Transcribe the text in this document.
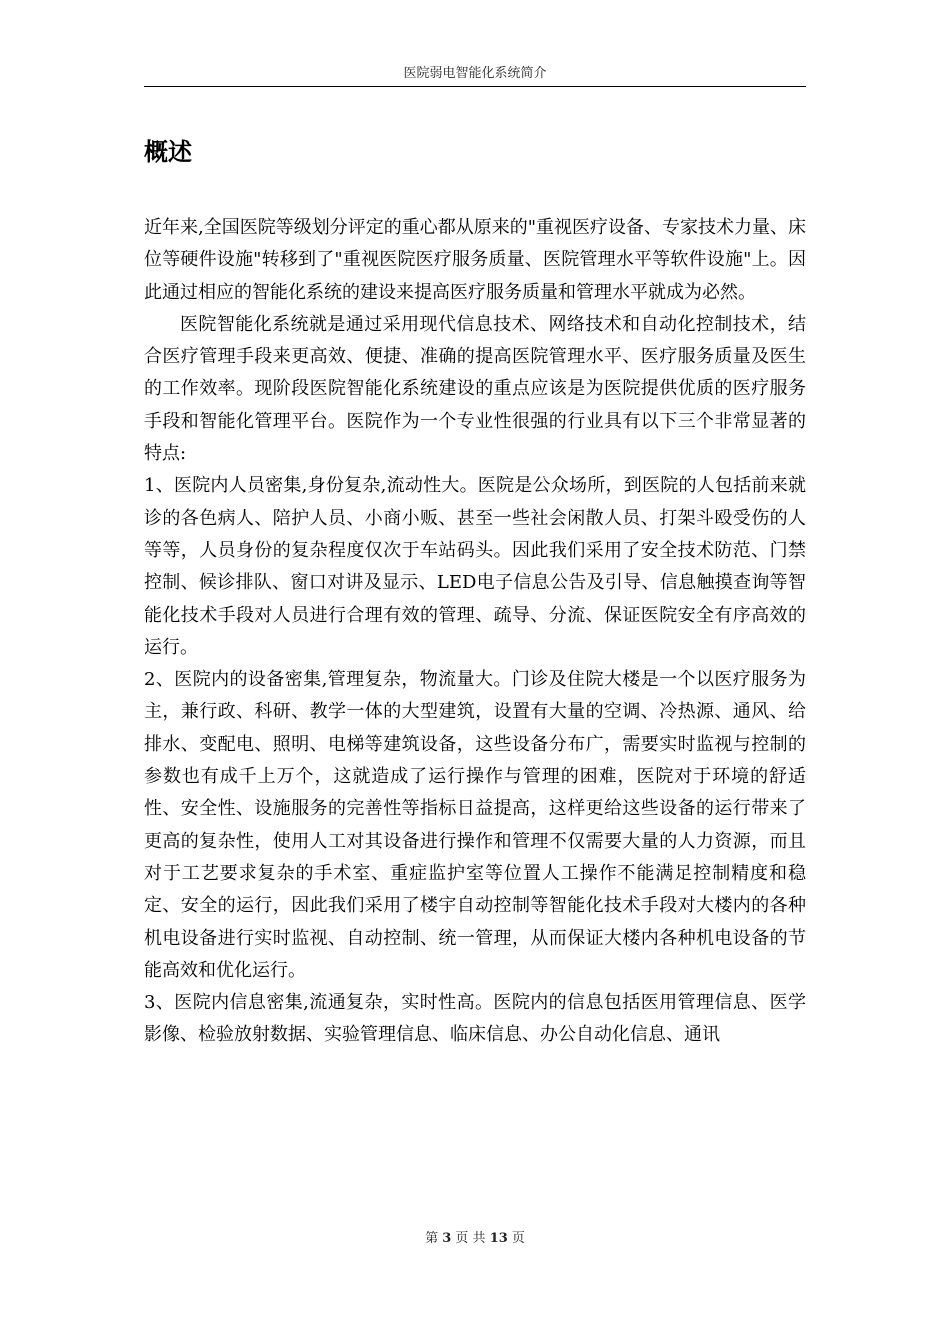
医院弱电智能化系统简介
概述

近年来,全国医院等级划分评定的重心都从原来的"重视医疗设备、专家技术力量、床位等硬件设施"转移到了"重视医院医疗服务质量、医院管理水平等软件设施"上。因此通过相应的智能化系统的建设来提高医疗服务质量和管理水平就成为必然。

医院智能化系统就是通过采用现代信息技术、网络技术和自动化控制技术，结合医疗管理手段来更高效、便捷、准确的提高医院管理水平、医疗服务质量及医生的工作效率。现阶段医院智能化系统建设的重点应该是为医院提供优质的医疗服务手段和智能化管理平台。医院作为一个专业性很强的行业具有以下三个非常显著的特点:

1、医院内人员密集,身份复杂,流动性大。医院是公众场所，到医院的人包括前来就诊的各色病人、陪护人员、小商小贩、甚至一些社会闲散人员、打架斗殴受伤的人等等，人员身份的复杂程度仅次于车站码头。因此我们采用了安全技术防范、门禁控制、候诊排队、窗口对讲及显示、LED电子信息公告及引导、信息触摸查询等智能化技术手段对人员进行合理有效的管理、疏导、分流、保证医院安全有序高效的运行。

2、医院内的设备密集,管理复杂，物流量大。门诊及住院大楼是一个以医疗服务为主，兼行政、科研、教学一体的大型建筑，设置有大量的空调、冷热源、通风、给排水、变配电、照明、电梯等建筑设备，这些设备分布广，需要实时监视与控制的参数也有成千上万个，这就造成了运行操作与管理的困难，医院对于环境的舒适性、安全性、设施服务的完善性等指标日益提高，这样更给这些设备的运行带来了更高的复杂性，使用人工对其设备进行操作和管理不仅需要大量的人力资源，而且对于工艺要求复杂的手术室、重症监护室等位置人工操作不能满足控制精度和稳定、安全的运行，因此我们采用了楼宇自动控制等智能化技术手段对大楼内的各种机电设备进行实时监视、自动控制、统一管理，从而保证大楼内各种机电设备的节能高效和优化运行。

3、医院内信息密集,流通复杂，实时性高。医院内的信息包括医用管理信息、医学影像、检验放射数据、实验管理信息、临床信息、办公自动化信息、通讯

第 3 页 共 13 页
